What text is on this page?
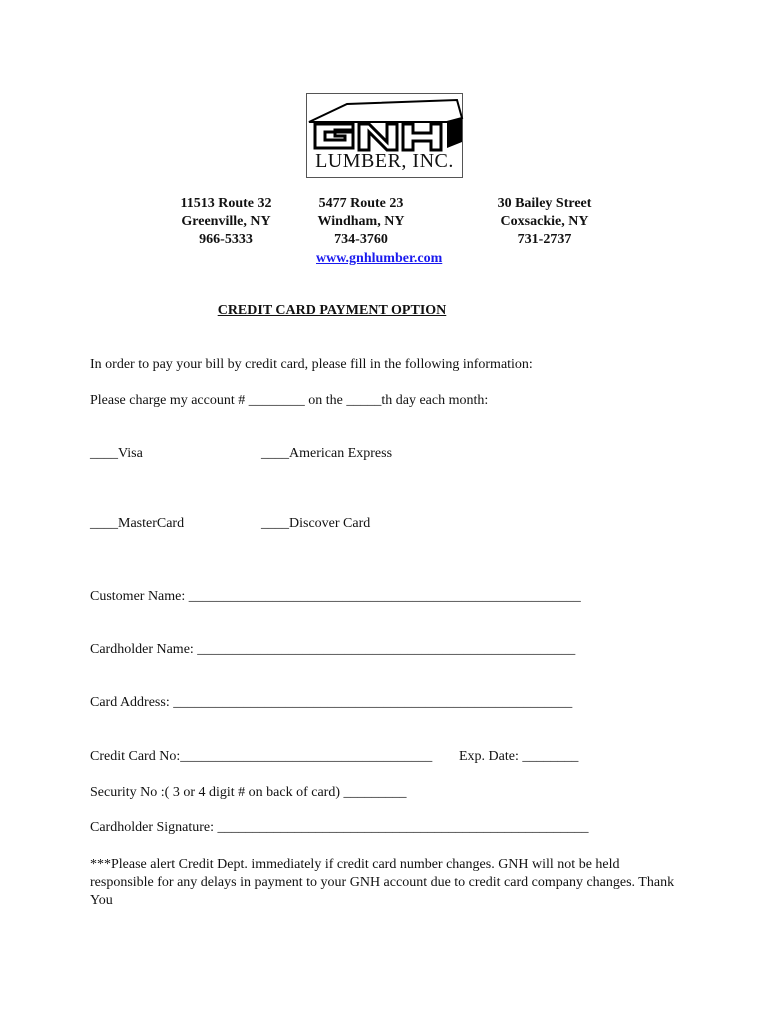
LUMBER, INC.
11513 Route 32
Greenville, NY
966-5333
5477 Route 23
Windham, NY
734-3760
www.gnhlumber.com
30 Bailey Street
Coxsackie, NY
731-2737
CREDIT CARD PAYMENT OPTION
In order to pay your bill by credit card, please fill in the following information:
Please charge my account # ________ on the _____th day each month:
____Visa	____American Express
____MasterCard	____Discover Card
Customer Name: ________________________________________________________
Cardholder Name: ______________________________________________________
Card Address: _________________________________________________________
Credit Card No:____________________________________ Exp. Date: ________
Security No :( 3 or 4 digit # on back of card) _________
Cardholder Signature: _____________________________________________________
***Please alert Credit Dept. immediately if credit card number changes. GNH will not be held responsible for any delays in payment to your GNH account due to credit card company changes. Thank You
